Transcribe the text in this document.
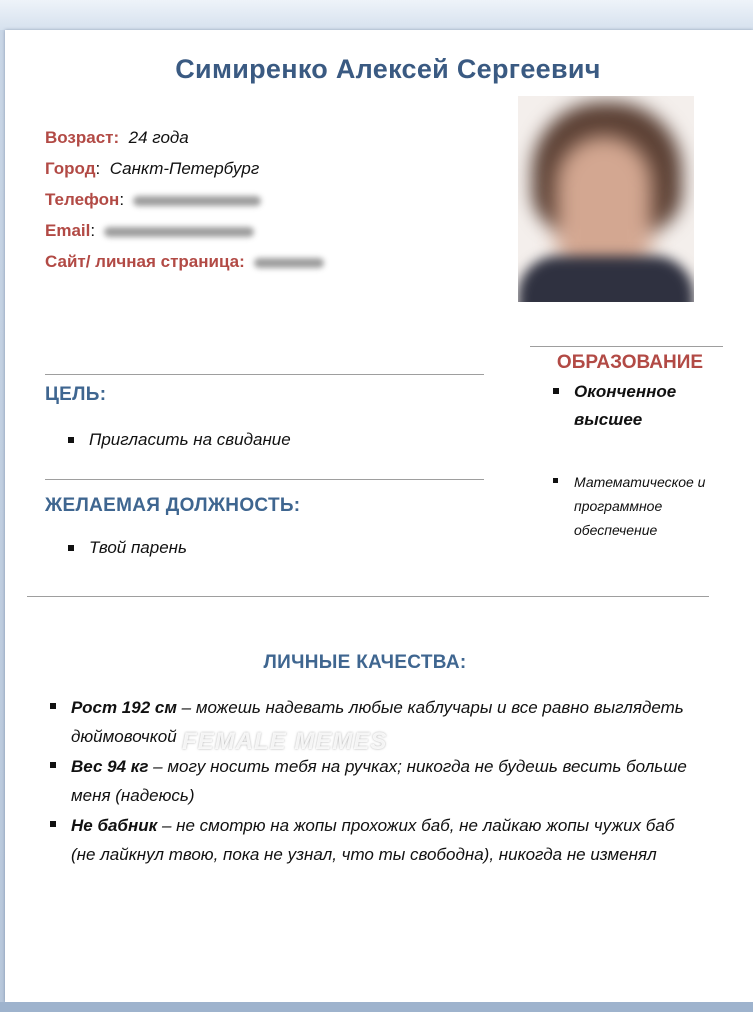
Симиренко Алексей Сергеевич
Возраст: 24 года
Город: Санкт-Петербург
Телефон:
Email:
Сайт/ личная страница:
ЦЕЛЬ:
Пригласить на свидание
ЖЕЛАЕМАЯ ДОЛЖНОСТЬ:
Твой парень
ОБРАЗОВАНИЕ
Оконченное высшее
Математическое и программное обеспечение
ЛИЧНЫЕ КАЧЕСТВА:
Рост 192 см – можешь надевать любые каблучары и все равно выглядеть дюймовочкой
Вес 94 кг – могу носить тебя на ручках; никогда не будешь весить больше меня (надеюсь)
Не бабник – не смотрю на жопы прохожих баб, не лайкаю жопы чужих баб (не лайкнул твою, пока не узнал, что ты свободна), никогда не изменял
FEMALE MEMES
